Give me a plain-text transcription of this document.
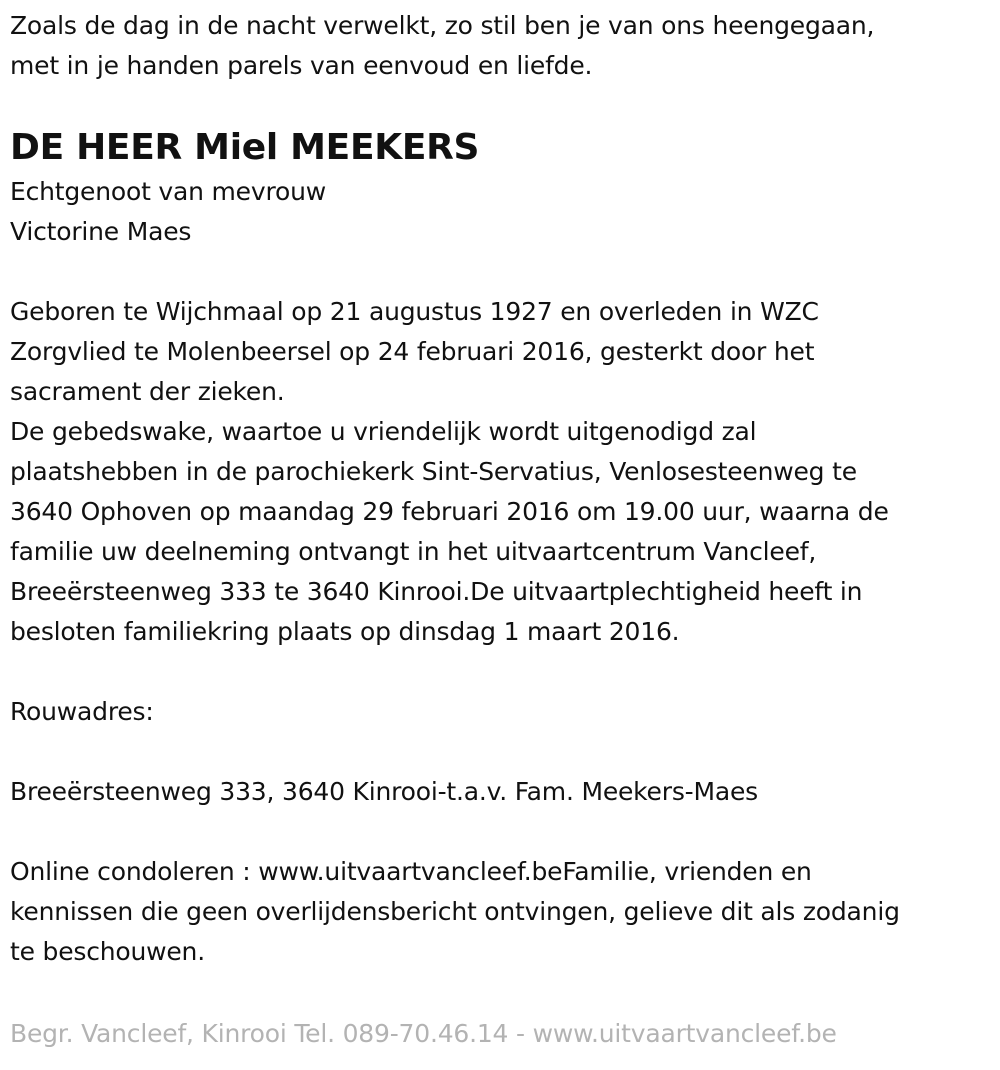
Zoals de dag in de nacht verwelkt, zo stil ben je van ons heengegaan,

met in je handen parels van eenvoud en liefde.

DE HEER Miel MEEKERS

Echtgenoot van mevrouw

Victorine Maes

Geboren te Wijchmaal op 21 augustus 1927 en overleden in WZC

Zorgvlied te Molenbeersel op 24 februari 2016, gesterkt door het

sacrament der zieken.

De gebedswake, waartoe u vriendelijk wordt uitgenodigd zal

plaatshebben in de parochiekerk Sint-Servatius, Venlosesteenweg te

3640 Ophoven op maandag 29 februari 2016 om 19.00 uur, waarna de

familie uw deelneming ontvangt in het uitvaartcentrum Vancleef,

Breeërsteenweg 333 te 3640 Kinrooi.De uitvaartplechtigheid heeft in

besloten familiekring plaats op dinsdag 1 maart 2016.

Rouwadres:

Breeërsteenweg 333, 3640 Kinrooi-t.a.v. Fam. Meekers-Maes

Online condoleren : www.uitvaartvancleef.beFamilie, vrienden en

kennissen die geen overlijdensbericht ontvingen, gelieve dit als zodanig

te beschouwen.

Begr. Vancleef, Kinrooi Tel. 089-70.46.14 - www.uitvaartvancleef.be
